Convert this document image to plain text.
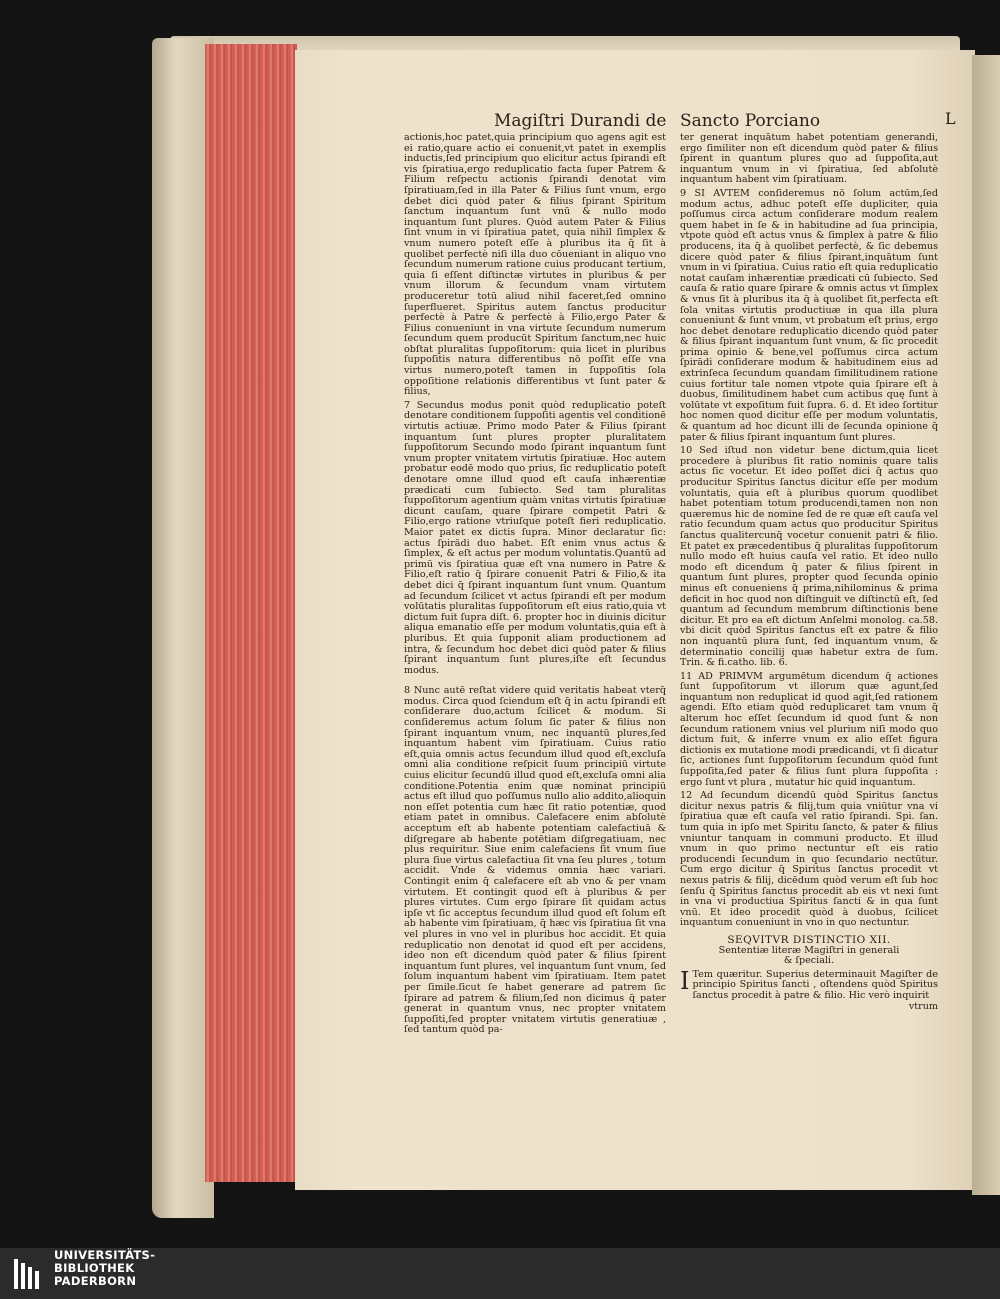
Magiſtri Durandi de Sancto Porciano	L

actionis,hoc patet,quia principium quo agens agit est ei ratio,quare actio ei conuenit,vt patet in exemplis inductis,ſed principium quo elicitur actus ſpirandi eſt vis ſpiratiua,ergo reduplicatio facta ſuper Patrem & Filium reſpectu actionis ſpirandi denotat vim ſpiratiuam,ſed in illa Pater & Filius ſunt vnum, ergo debet dici quòd pater & filius ſpirant Spiritum ſanctum inquantum ſunt vnū & nullo modo inquantum ſunt plures. Quòd autem Pater & Filius ſint vnum in vi ſpiratiua patet, quia nihil ſimplex & vnum numero poteſt eſſe à pluribus ita q̄ ſit à quolibet perfectè niſi illa duo cōueniant in aliquo vno ſecundum numerum ratione cuius producant tertium, quia ſi eſſent diſtinctæ virtutes in pluribus & per vnum illorum & ſecundum vnam virtutem produceretur totū aliud nihil faceret,ſed omnino ſuperflueret. Spiritus autem ſanctus producitur perfectè à Patre & perfectè à Filio,ergo Pater & Filius conueniunt in vna virtute ſecundum numerum ſecundum quem producūt Spiritum ſanctum,nec huic obſtat pluralitas ſuppoſitorum: quia licet in pluribus ſuppoſitis natura differentibus nō poſſit eſſe vna virtus numero,poteſt tamen in ſuppoſitis ſola oppoſitione relationis differentibus vt ſunt pater & filius,

7 Secundus modus ponit quòd reduplicatio poteſt denotare conditionem ſuppoſiti agentis vel conditionē virtutis actiuæ. Primo modo Pater & Filius ſpirant inquantum ſunt plures propter pluralitatem ſuppoſitorum Secundo modo ſpirant inquantum ſunt vnum propter vnitatem virtutis ſpiratiuæ. Hoc autem probatur eodē modo quo prius, ſic reduplicatio poteſt denotare omne illud quod eſt cauſa inhærentiæ prædicati cum ſubiecto. Sed tam pluralitas ſuppoſitorum agentium quàm vnitas virtutis ſpiratiuæ dicunt cauſam, quare ſpirare competit Patri & Filio,ergo ratione vtriuſque poteſt fieri reduplicatio. Maior patet ex dictis ſupra. Minor declaratur ſic: actus ſpirādi duo habet. Eſt enim vnus actus & ſimplex, & eſt actus per modum voluntatis.Quantū ad primū vis ſpiratiua quæ eſt vna numero in Patre & Filio,eſt ratio q̄ ſpirare conuenit Patri & Filio,& ita debet dici q̄ ſpirant inquantum ſunt vnum. Quantum ad ſecundum ſcilicet vt actus ſpirandi eſt per modum volūtatis pluralitas ſuppoſitorum eſt eius ratio,quia vt dictum fuit ſupra diſt. 6. propter hoc in diuinis dicitur aliqua emanatio eſſe per modum voluntatis,quia eſt à pluribus. Et quia ſupponit aliam productionem ad intra, & ſecundum hoc debet dici quòd pater & filius ſpirant inquantum ſunt plures,iſte eſt ſecundus modus.

8 Nunc autē reſtat videre quid veritatis habeat vterq̄ modus. Circa quod ſciendum eſt q̄ in actu ſpirandi eſt conſiderare duo,actum ſcilicet & modum. Si conſideremus actum ſolum ſic pater & filius non ſpirant inquantum vnum, nec inquantū plures,ſed inquantum habent vim ſpiratiuam. Cuius ratio eſt,quia omnis actus ſecundum illud quod eſt,excluſa omni alia conditione reſpicit ſuum principiū virtute cuius elicitur ſecundū illud quod eſt,excluſa omni alia conditione.Potentia enim quæ nominat principiū actus eſt illud quo poſſumus nullo alio addito,alioquin non eſſet potentia cum hæc ſit ratio potentiæ, quod etiam patet in omnibus. Calefacere enim abſolutè acceptum eſt ab habente potentiam calefactiuā & diſgregare ab habente potētiam diſgregatiuam, nec plus requiritur. Siue enim calefaciens ſit vnum ſiue plura ſiue virtus calefactiua ſit vna ſeu plures , totum accidit. Vnde & videmus omnia hæc variari. Contingit enim q̄ calefacere eſt ab vno & per vnam virtutem. Et contingit quod eſt à pluribus & per plures virtutes. Cum ergo ſpirare ſit quidam actus ipſe vt ſic acceptus ſecundum illud quod eſt ſolum eſt ab habente vim ſpiratiuam, q̄ hæc vis ſpiratiua ſit vna vel plures in vno vel in pluribus hoc accidit. Et quia reduplicatio non denotat id quod eſt per accidens, ideo non eſt dicendum quòd pater & filius ſpirent inquantum ſunt plures, vel inquantum ſunt vnum, ſed ſolum inquantum habent vim ſpiratiuam. Item patet per ſimile.ſicut ſe habet generare ad patrem ſic ſpirare ad patrem & filium,ſed non dicimus q̄ pater generat in quantum vnus, nec propter vnitatem ſuppoſiti,ſed propter vnitatem virtutis generatiuæ , ſed tantum quòd pa-

ter generat inquātum habet potentiam generandi, ergo ſimiliter non eſt dicendum quòd pater & filius ſpirent in quantum plures quo ad ſuppoſita,aut inquantum vnum in vi ſpiratiua, ſed abſolutè inquantum habent vim ſpiratiuam.

9 SI AVTEM conſideremus nō ſolum actūm,ſed modum actus, adhuc poteſt eſſe dupliciter, quia poſſumus circa actum conſiderare modum realem quem habet in ſe & in habitudine ad ſua principia, vtpote quòd eſt actus vnus & ſimplex à patre & filio producens, ita q̄ à quolibet perfectè, & ſic debemus dicere quòd pater & filius ſpirant,inquātum ſunt vnum in vi ſpiratiua. Cuius ratio eſt quia reduplicatio notat cauſam inhærentiæ prædicati cū ſubiecto. Sed cauſa & ratio quare ſpirare & omnis actus vt ſimplex & vnus ſit à pluribus ita q̄ à quolibet ſit,perfecta eſt ſola vnitas virtutis productiuæ in qua illa plura conueniunt & ſunt vnum, vt probatum eſt prius, ergo hoc debet denotare reduplicatio dicendo quòd pater & filius ſpirant inquantum ſunt vnum, & ſic procedit prima opinio & bene,vel poſſumus circa actum ſpirādi conſiderare modum & habitudinem eius ad extrinſeca ſecundum quandam ſimilitudinem ratione cuius fortitur tale nomen vtpote quia ſpirare eſt à duobus, ſimilitudinem habet cum actibus quę ſunt à volūtate vt expoſitum fuit ſupra. 6. d. Et ideo ſortitur hoc nomen quod dicitur eſſe per modum voluntatis, & quantum ad hoc dicunt illi de ſecunda opinione q̄ pater & filius ſpirant inquantum ſunt plures.

10 Sed iſtud non videtur bene dictum,quia licet procedere à pluribus ſit ratio nominis quare talis actus ſic vocetur. Et ideo poſſet dici q̄ actus quo producitur Spiritus ſanctus dicitur eſſe per modum voluntatis, quia eſt à pluribus quorum quodlibet habet potentiam totum producendi,tamen non non quæremus hic de nomine ſed de re quæ eſt cauſa vel ratio ſecundum quam actus quo producitur Spiritus ſanctus qualitercunq̄ vocetur conuenit patri & filio. Et patet ex præcedentibus q̄ pluralitas ſuppoſitorum nullo modo eſt huius cauſa vel ratio. Et ideo nullo modo eſt dicendum q̄ pater & filius ſpirent in quantum ſunt plures, propter quod ſecunda opinio minus eſt conueniens q̄ prima,nihilominus & prima deficit in hoc quod non diſtinguit ve diſtinctū eſt, ſed quantum ad ſecundum membrum diſtinctionis bene dicitur. Et pro ea eſt dictum Anſelmi monolog. ca.58. vbi dicit quòd Spiritus ſanctus eſt ex patre & filio non inquantū plura ſunt, ſed inquantum vnum, & determinatio concilij quæ habetur extra de ſum. Trin. & fi.catho. lib. 6.

11 AD PRIMVM argumētum dicendum q̄ actiones ſunt ſuppoſitorum vt illorum quæ agunt,ſed inquantum non reduplicat id quod agit,ſed rationem agendi. Eſto etiam quòd reduplicaret tam vnum q̄ alterum hoc eſſet ſecundum id quod ſunt & non ſecundum rationem vnius vel plurium niſi modo quo dictum fuit, & inferre vnum ex alio eſſet figura dictionis ex mutatione modi prædicandi, vt ſi dicatur ſic, actiones ſunt ſuppoſitorum ſecundum quòd ſunt ſuppoſita,ſed pater & filius ſunt plura ſuppoſita : ergo ſunt vt plura , mutatur hic quid inquantum.

12 Ad ſecundum dicendū quòd Spiritus ſanctus dicitur nexus patris & filij,tum quia vniūtur vna vi ſpiratiua quæ eſt cauſa vel ratio ſpirandi. Spi. ſan. tum quia in ipſo met Spiritu ſancto, & pater & filius vniuntur tanquam in communi producto. Et illud vnum in quo primo nectuntur eſt eis ratio producendi ſecundum in quo ſecundario nectūtur. Cum ergo dicitur q̄ Spiritus ſanctus procedit vt nexus patris & filij, dicēdum quòd verum eſt ſub hoc ſenſu q̄ Spiritus ſanctus procedit ab eis vt nexi ſunt in vna vi productiua Spiritus ſancti & in qua ſunt vnū. Et ideo procedit quòd à duobus, ſcilicet inquantum conueniunt in vno in quo nectuntur.

SEQVITVR DISTINCTIO XII.

Sententiæ literæ Magiſtri in generali

& ſpeciali.

I Tem quæritur. Superius determinauit Magiſter de principio Spiritus ſancti , oſtendens quòd Spiritus ſanctus procedit à patre & filio. Hic verò inquirit

vtrum

UNIVERSITÄTS-
BIBLIOTHEK
PADERBORN
